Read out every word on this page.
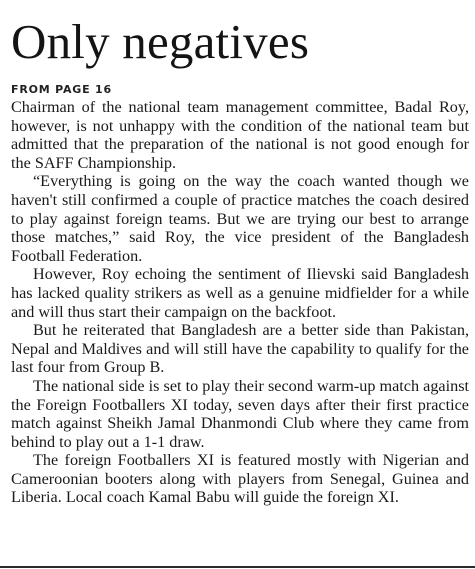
Only negatives
FROM PAGE 16

Chairman of the national team management committee, Badal Roy, however, is not unhappy with the condition of the national team but admitted that the preparation of the national is not good enough for the SAFF Championship.

“Everything is going on the way the coach wanted though we haven't still confirmed a couple of practice matches the coach desired to play against foreign teams. But we are trying our best to arrange those matches,” said Roy, the vice president of the Bangladesh Football Federation.

However, Roy echoing the sentiment of Ilievski said Bangladesh has lacked quality strikers as well as a genuine midfielder for a while and will thus start their campaign on the backfoot.

But he reiterated that Bangladesh are a better side than Pakistan, Nepal and Maldives and will still have the capability to qualify for the last four from Group B.

The national side is set to play their second warm-up match against the Foreign Footballers XI today, seven days after their first practice match against Sheikh Jamal Dhanmondi Club where they came from behind to play out a 1-1 draw.

The foreign Footballers XI is featured mostly with Nigerian and Cameroonian booters along with players from Senegal, Guinea and Liberia. Local coach Kamal Babu will guide the foreign XI.
